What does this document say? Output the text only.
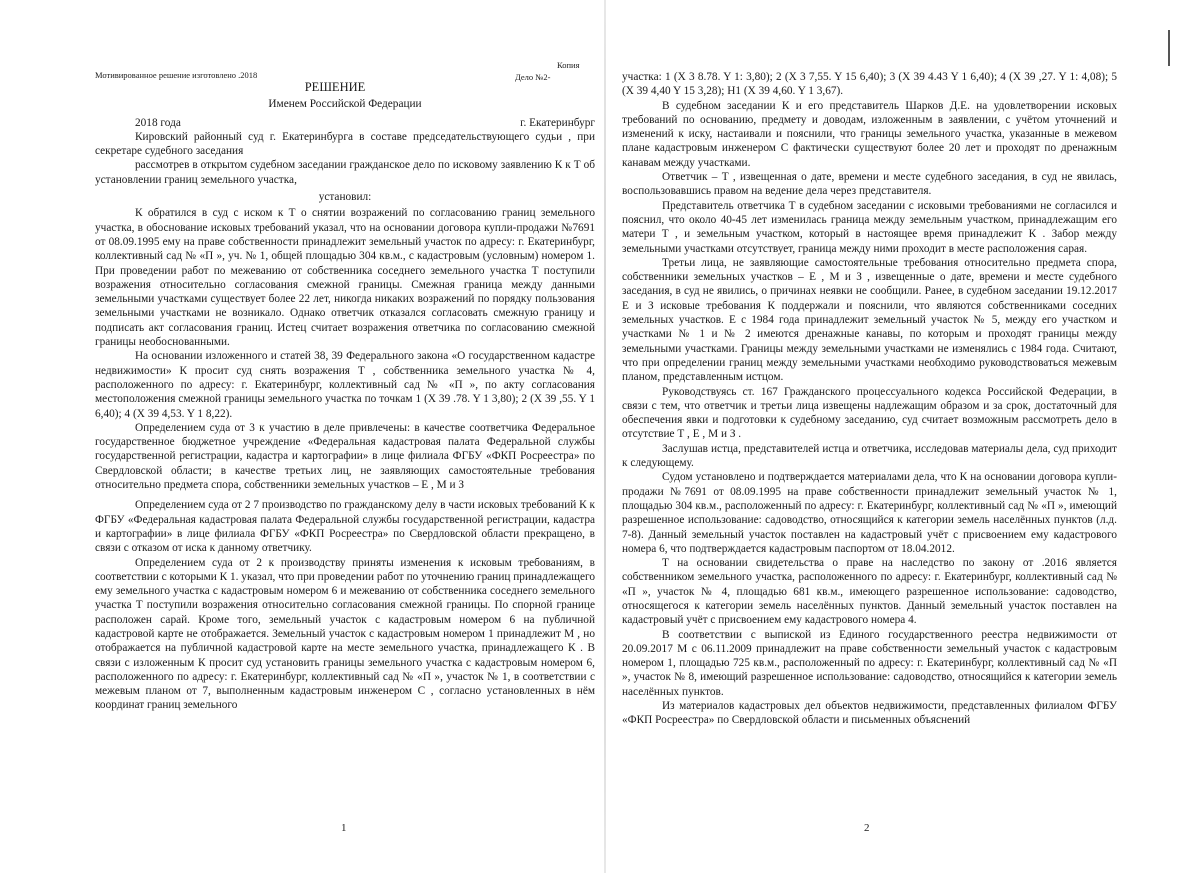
Мотивированное решение изготовлено .2018	Дело №2-
Копия
РЕШЕНИЕ
Именем Российской Федерации
2018 года	г. Екатеринбург

Кировский районный суд г. Екатеринбурга в составе председательствующего судьи , при секретаре судебного заседания

рассмотрев в открытом судебном заседании гражданское дело по исковому заявлению К к Т об установлении границ земельного участка,

установил:

К обратился в суд с иском к Т о снятии возражений по согласованию границ земельного участка, в обоснование исковых требований указал, что на основании договора купли-продажи №7691 от 08.09.1995 ему на праве собственности принадлежит земельный участок по адресу: г. Екатеринбург, коллективный сад № «П », уч. № 1, общей площадью 304 кв.м., с кадастровым (условным) номером 1. При проведении работ по межеванию от собственника соседнего земельного участка Т поступили возражения относительно согласования смежной границы. Смежная граница между данными земельными участками существует более 22 лет, никогда никаких возражений по порядку пользования земельными участками не возникало. Однако ответчик отказался согласовать смежную границу и подписать акт согласования границ. Истец считает возражения ответчика по согласованию смежной границы необоснованными.

На основании изложенного и статей 38, 39 Федерального закона «О государственном кадастре недвижимости» К просит суд снять возражения Т , собственника земельного участка № 4, расположенного по адресу: г. Екатеринбург, коллективный сад № «П », по акту согласования местоположения смежной границы земельного участка по точкам 1 (X 39 .78. Y 1 3,80); 2 (X 39 ,55. Y 1 6,40); 4 (X 39 4,53. Y 1 8,22).

Определением суда от 3 к участию в деле привлечены: в качестве соответчика Федеральное государственное бюджетное учреждение «Федеральная кадастровая палата Федеральной службы государственной регистрации, кадастра и картографии» в лице филиала ФГБУ «ФКП Росреестра» по Свердловской области; в качестве третьих лиц, не заявляющих самостоятельные требования относительно предмета спора, собственники земельных участков – Е , М и З

Определением суда от 2 7 производство по гражданскому делу в части исковых требований К к ФГБУ «Федеральная кадастровая палата Федеральной службы государственной регистрации, кадастра и картографии» в лице филиала ФГБУ «ФКП Росреестра» по Свердловской области прекращено, в связи с отказом от иска к данному ответчику.

Определением суда от 2 к производству приняты изменения к исковым требованиям, в соответствии с которыми К 1. указал, что при проведении работ по уточнению границ принадлежащего ему земельного участка с кадастровым номером 6 и межеванию от собственника соседнего земельного участка Т поступили возражения относительно согласования смежной границы. По спорной границе расположен сарай. Кроме того, земельный участок с кадастровым номером 6 на публичной кадастровой карте не отображается. Земельный участок с кадастровым номером 1 принадлежит М , но отображается на публичной кадастровой карте на месте земельного участка, принадлежащего К . В связи с изложенным К просит суд установить границы земельного участка с кадастровым номером 6, расположенного по адресу: г. Екатеринбург, коллективный сад № «П », участок № 1, в соответствии с межевым планом от 7, выполненным кадастровым инженером С , согласно установленных в нём координат границ земельного

1

участка: 1 (X 3 8.78. Y 1: 3,80); 2 (X 3 7,55. Y 15 6,40); 3 (X 39 4.43 Y 1 6,40); 4 (X 39 ,27. Y 1: 4,08); 5 (X 39 4,40 Y 15 3,28); Н1 (X 39 4,60. Y 1 3,67).

В судебном заседании К и его представитель Шарков Д.Е. на удовлетворении исковых требований по основанию, предмету и доводам, изложенным в заявлении, с учётом уточнений и изменений к иску, настаивали и пояснили, что границы земельного участка, указанные в межевом плане кадастровым инженером С фактически существуют более 20 лет и проходят по дренажным канавам между участками.

Ответчик – Т , извещенная о дате, времени и месте судебного заседания, в суд не явилась, воспользовавшись правом на ведение дела через представителя.

Представитель ответчика Т в судебном заседании с исковыми требованиями не согласился и пояснил, что около 40-45 лет изменилась граница между земельным участком, принадлежащим его матери Т , и земельным участком, который в настоящее время принадлежит К . Забор между земельными участками отсутствует, граница между ними проходит в месте расположения сарая.

Третьи лица, не заявляющие самостоятельные требования относительно предмета спора, собственники земельных участков – Е , М и З , извещенные о дате, времени и месте судебного заседания, в суд не явились, о причинах неявки не сообщили. Ранее, в судебном заседании 19.12.2017 Е и З исковые требования К поддержали и пояснили, что являются собственниками соседних земельных участков. Е с 1984 года принадлежит земельный участок № 5, между его участком и участками № 1 и № 2 имеются дренажные канавы, по которым и проходят границы между земельными участками. Границы между земельными участками не изменялись с 1984 года. Считают, что при определении границ между земельными участками необходимо руководствоваться межевым планом, представленным истцом.

Руководствуясь ст. 167 Гражданского процессуального кодекса Российской Федерации, в связи с тем, что ответчик и третьи лица извещены надлежащим образом и за срок, достаточный для обеспечения явки и подготовки к судебному заседанию, суд считает возможным рассмотреть дело в отсутствие Т , Е , М и З .

Заслушав истца, представителей истца и ответчика, исследовав материалы дела, суд приходит к следующему.

Судом установлено и подтверждается материалами дела, что К на основании договора купли-продажи №7691 от 08.09.1995 на праве собственности принадлежит земельный участок № 1, площадью 304 кв.м., расположенный по адресу: г. Екатеринбург, коллективный сад № «П », имеющий разрешенное использование: садоводство, относящийся к категории земель населённых пунктов (л.д. 7-8). Данный земельный участок поставлен на кадастровый учёт с присвоением ему кадастрового номера 6, что подтверждается кадастровым паспортом от 18.04.2012.

Т на основании свидетельства о праве на наследство по закону от .2016 является собственником земельного участка, расположенного по адресу: г. Екатеринбург, коллективный сад № «П », участок № 4, площадью 681 кв.м., имеющего разрешенное использование: садоводство, относящегося к категории земель населённых пунктов. Данный земельный участок поставлен на кадастровый учёт с присвоением ему кадастрового номера 4.

В соответствии с выпиской из Единого государственного реестра недвижимости от 20.09.2017 М с 06.11.2009 принадлежит на праве собственности земельный участок с кадастровым номером 1, площадью 725 кв.м., расположенный по адресу: г. Екатеринбург, коллективный сад № «П », участок № 8, имеющий разрешенное использование: садоводство, относящийся к категории земель населённых пунктов.

Из материалов кадастровых дел объектов недвижимости, представленных филиалом ФГБУ «ФКП Росреестра» по Свердловской области и письменных объяснений

2
